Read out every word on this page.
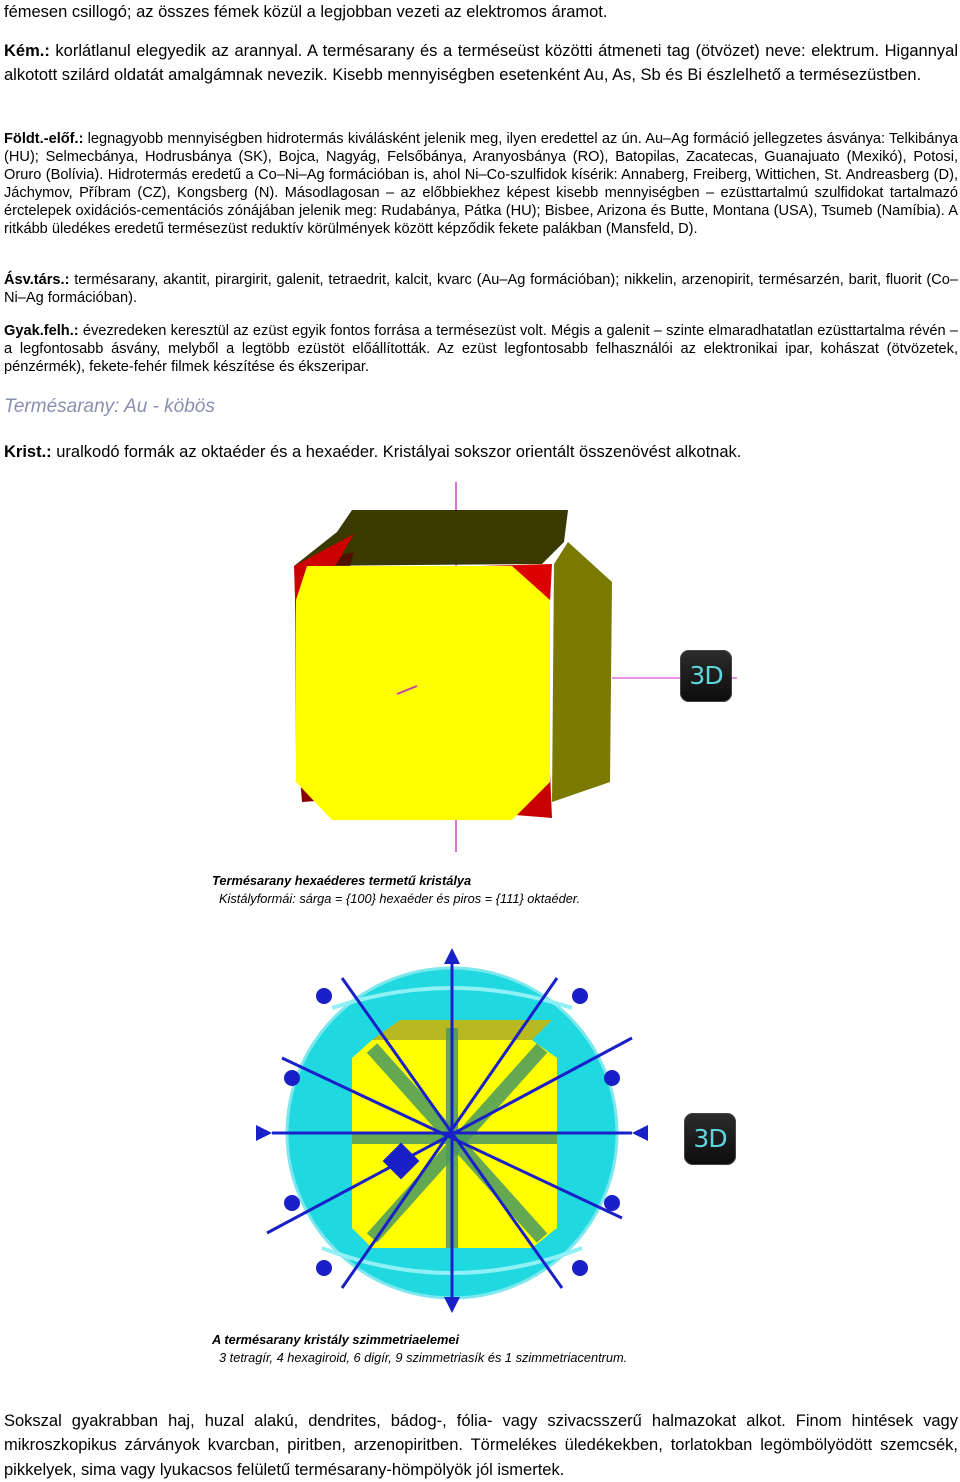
fémesen csillogó; az összes fémek közül a legjobban vezeti az elektromos áramot.

Kém.: korlátlanul elegyedik az arannyal. A termésarany és a terméseüst közötti átmeneti tag (ötvözet) neve: elektrum. Higannyal alkotott szilárd oldatát amalgámnak nevezik. Kisebb mennyiségben esetenként Au, As, Sb és Bi észlelhető a termésezüstben.

Földt.-előf.: legnagyobb mennyiségben hidrotermás kiválásként jelenik meg, ilyen eredettel az ún. Au–Ag formáció jellegzetes ásványa: Telkibánya (HU); Selmecbánya, Hodrusbánya (SK), Bojca, Nagyág, Felsőbánya, Aranyosbánya (RO), Batopilas, Zacatecas, Guanajuato (Mexikó), Potosi, Oruro (Bolívia). Hidrotermás eredetű a Co–Ni–Ag formációban is, ahol Ni–Co-szulfidok kísérik: Annaberg, Freiberg, Wittichen, St. Andreasberg (D), Jáchymov, Příbram (CZ), Kongsberg (N). Másodlagosan – az előbbiekhez képest kisebb mennyiségben – ezüsttartalmú szulfidokat tartalmazó érctelepek oxidációs-cementációs zónájában jelenik meg: Rudabánya, Pátka (HU); Bisbee, Arizona és Butte, Montana (USA), Tsumeb (Namíbia). A ritkább üledékes eredetű termésezüst reduktív körülmények között képződik fekete palákban (Mansfeld, D).

Ásv.társ.: termésarany, akantit, pirargirit, galenit, tetraedrit, kalcit, kvarc (Au–Ag formációban); nikkelin, arzenopirit, termésarzén, barit, fluorit (Co–Ni–Ag formációban).

Gyak.felh.: évezredeken keresztül az ezüst egyik fontos forrása a termésezüst volt. Mégis a galenit – szinte elmaradhatatlan ezüsttartalma révén – a legfontosabb ásvány, melyből a legtöbb ezüstöt előállították. Az ezüst legfontosabb felhasználói az elektronikai ipar, kohászat (ötvözetek, pénzérmék), fekete-fehér filmek készítése és ékszeripar.

Termésarany: Au - köbös

Krist.: uralkodó formák az oktaéder és a hexaéder. Kristályai sokszor orientált összenövést alkotnak.

3D
Termésarany hexaéderes termetű kristálya
Kistályformái: sárga = {100} hexaéder és piros = {111} oktaéder.
3D
A termésarany kristály szimmetriaelemei
3 tetragír, 4 hexagiroid, 6 digír, 9 szimmetriasík és 1 szimmetriacentrum.

Sokszal gyakrabban haj, huzal alakú, dendrites, bádog-, fólia- vagy szivacsszerű halmazokat alkot. Finom hintések vagy mikroszkopikus zárványok kvarcban, piritben, arzenopiritben. Törmelékes üledékekben, torlatokban legömbölyödött szemcsék, pikkelyek, sima vagy lyukacsos felületű termésarany-hömpölyök jól ismertek.
